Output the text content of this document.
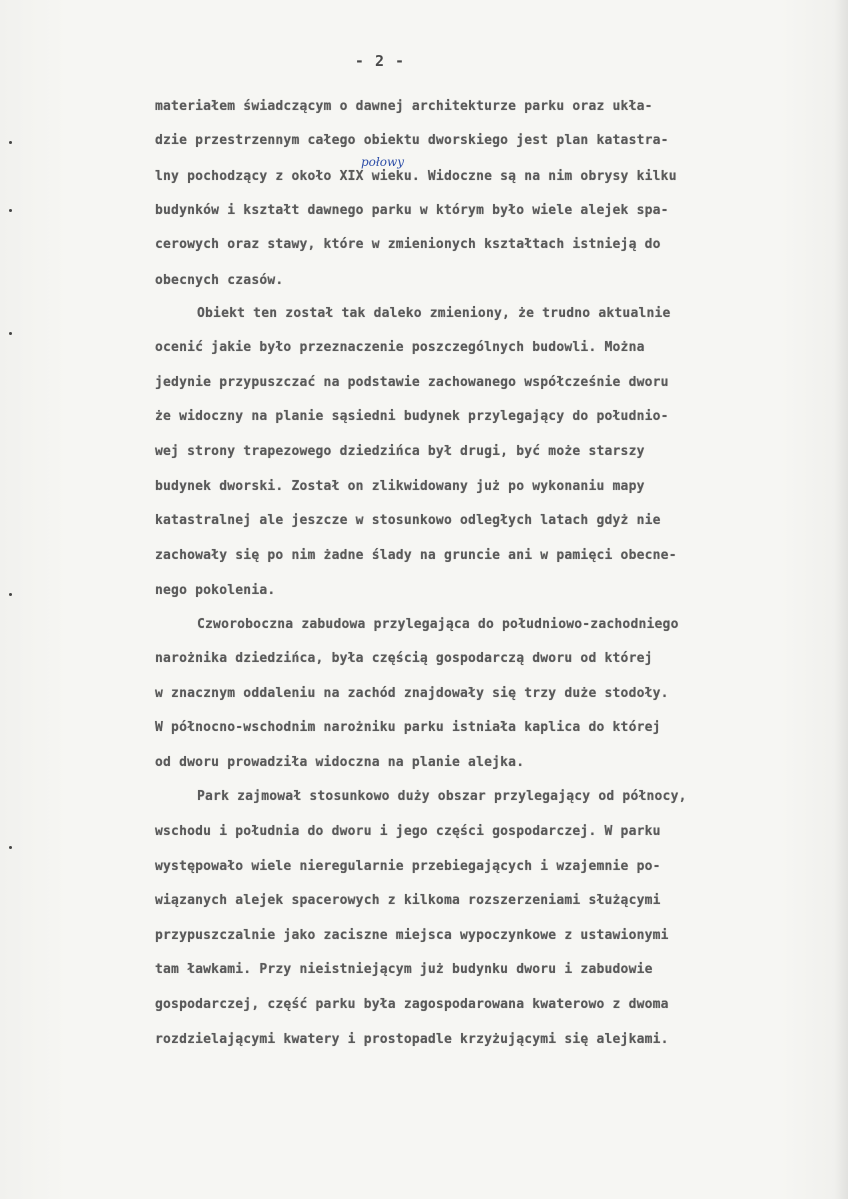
- 2 -
połowy
materiałem świadczącym o dawnej architekturze parku oraz ukła-
dzie przestrzennym całego obiektu dworskiego jest plan katastra-
lny pochodzący z około XIX wieku. Widoczne są na nim obrysy kilku
budynków i kształt dawnego parku w którym było wiele alejek spa-
cerowych oraz stawy, które w zmienionych kształtach istnieją do
obecnych czasów.
Obiekt ten został tak daleko zmieniony, że trudno aktualnie
ocenić jakie było przeznaczenie poszczególnych budowli. Można
jedynie przypuszczać na podstawie zachowanego współcześnie dworu
że widoczny na planie sąsiedni budynek przylegający do południo-
wej strony trapezowego dziedzińca był drugi, być może starszy
budynek dworski. Został on zlikwidowany już po wykonaniu mapy
katastralnej ale jeszcze w stosunkowo odległych latach gdyż nie
zachowały się po nim żadne ślady na gruncie ani w pamięci obecne-
nego pokolenia.
Czworoboczna zabudowa przylegająca do południowo-zachodniego
narożnika dziedzińca, była częścią gospodarczą dworu od której
w znacznym oddaleniu na zachód znajdowały się trzy duże stodoły.
W północno-wschodnim narożniku parku istniała kaplica do której
od dworu prowadziła widoczna na planie alejka.
Park zajmował stosunkowo duży obszar przylegający od północy,
wschodu i południa do dworu i jego części gospodarczej. W parku
występowało wiele nieregularnie przebiegających i wzajemnie po-
wiązanych alejek spacerowych z kilkoma rozszerzeniami służącymi
przypuszczalnie jako zaciszne miejsca wypoczynkowe z ustawionymi
tam ławkami. Przy nieistniejącym już budynku dworu i zabudowie
gospodarczej, część parku była zagospodarowana kwaterowo z dwoma
rozdzielającymi kwatery i prostopadle krzyżującymi się alejkami.
